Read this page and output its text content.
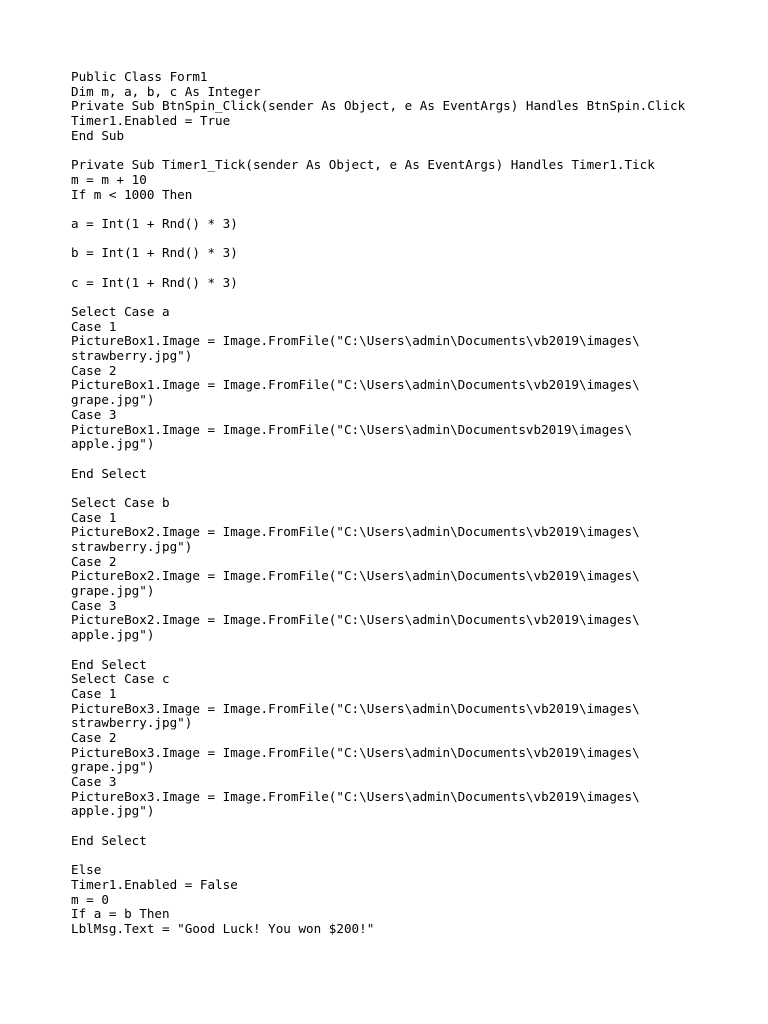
Public Class Form1
Dim m, a, b, c As Integer
Private Sub BtnSpin_Click(sender As Object, e As EventArgs) Handles BtnSpin.Click
Timer1.Enabled = True
End Sub
Private Sub Timer1_Tick(sender As Object, e As EventArgs) Handles Timer1.Tick
m = m + 10
If m < 1000 Then
a = Int(1 + Rnd() * 3)
b = Int(1 + Rnd() * 3)
c = Int(1 + Rnd() * 3)
Select Case a
Case 1
PictureBox1.Image = Image.FromFile("C:\Users\admin\Documents\vb2019\images\
strawberry.jpg")
Case 2
PictureBox1.Image = Image.FromFile("C:\Users\admin\Documents\vb2019\images\
grape.jpg")
Case 3
PictureBox1.Image = Image.FromFile("C:\Users\admin\Documentsvb2019\images\
apple.jpg")
End Select
Select Case b
Case 1
PictureBox2.Image = Image.FromFile("C:\Users\admin\Documents\vb2019\images\
strawberry.jpg")
Case 2
PictureBox2.Image = Image.FromFile("C:\Users\admin\Documents\vb2019\images\
grape.jpg")
Case 3
PictureBox2.Image = Image.FromFile("C:\Users\admin\Documents\vb2019\images\
apple.jpg")
End Select
Select Case c
Case 1
PictureBox3.Image = Image.FromFile("C:\Users\admin\Documents\vb2019\images\
strawberry.jpg")
Case 2
PictureBox3.Image = Image.FromFile("C:\Users\admin\Documents\vb2019\images\
grape.jpg")
Case 3
PictureBox3.Image = Image.FromFile("C:\Users\admin\Documents\vb2019\images\
apple.jpg")
End Select
Else
Timer1.Enabled = False
m = 0
If a = b Then
LblMsg.Text = "Good Luck! You won $200!"
